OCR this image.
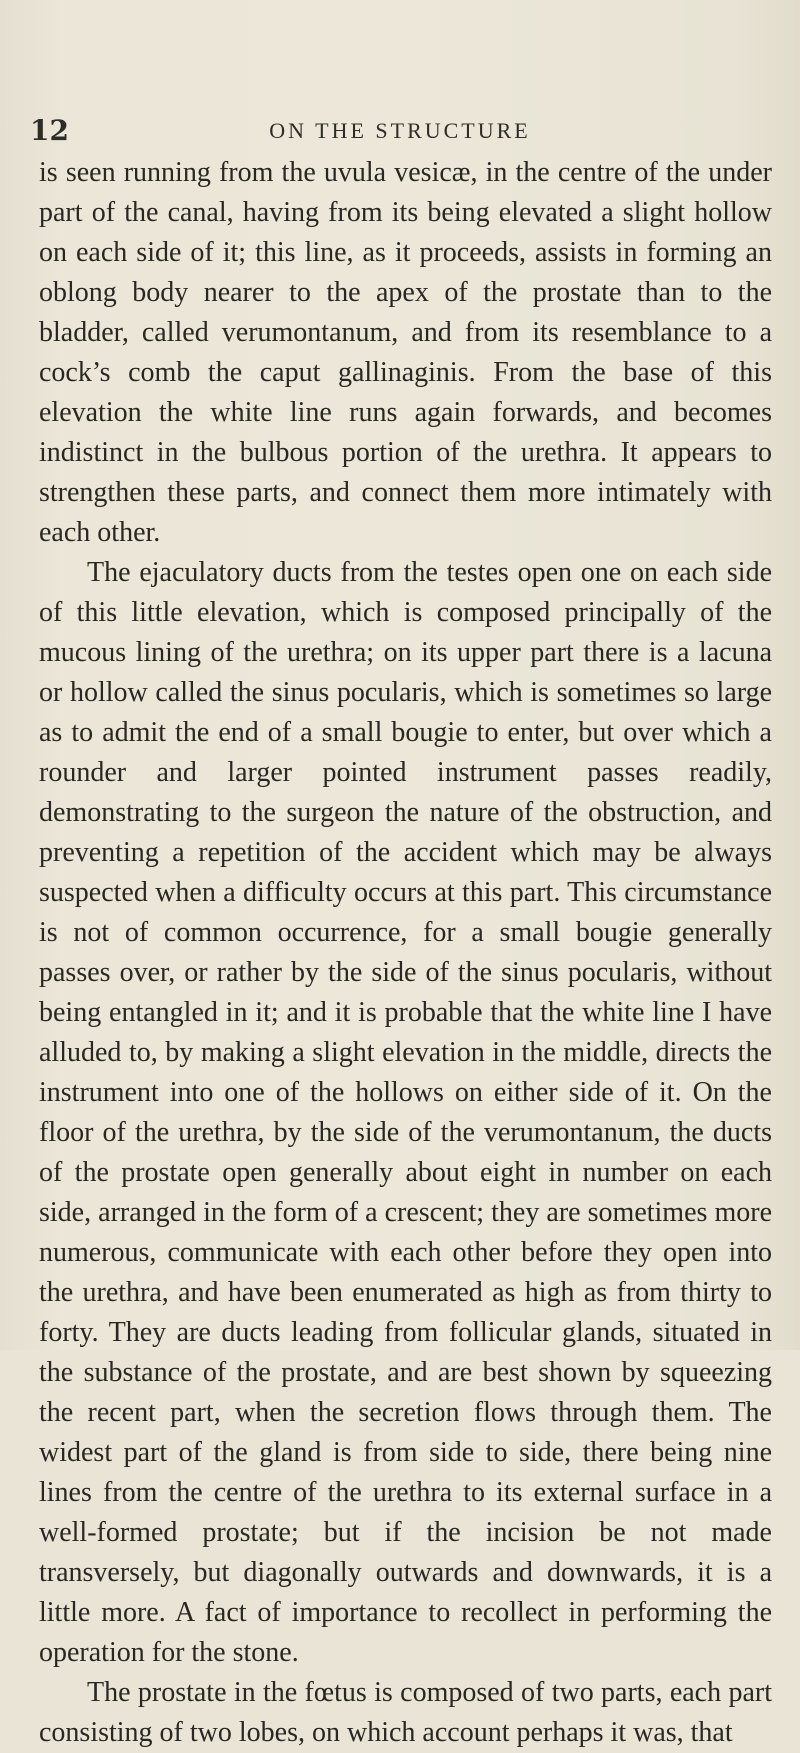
12	ON THE STRUCTURE

is seen running from the uvula vesicæ, in the centre of the under part of the canal, having from its being elevated a slight hollow on each side of it; this line, as it proceeds, assists in forming an oblong body nearer to the apex of the prostate than to the bladder, called verumontanum, and from its resemblance to a cock’s comb the caput gallinaginis. From the base of this elevation the white line runs again forwards, and becomes indistinct in the bulbous portion of the urethra. It appears to strengthen these parts, and connect them more intimately with each other.

The ejaculatory ducts from the testes open one on each side of this little elevation, which is composed principally of the mucous lining of the urethra; on its upper part there is a lacuna or hollow called the sinus pocularis, which is sometimes so large as to admit the end of a small bougie to enter, but over which a rounder and larger pointed instrument passes readily, demonstrating to the surgeon the nature of the obstruction, and preventing a repetition of the accident which may be always suspected when a difficulty occurs at this part. This circumstance is not of common occurrence, for a small bougie generally passes over, or rather by the side of the sinus pocularis, without being entangled in it; and it is probable that the white line I have alluded to, by making a slight elevation in the middle, directs the instrument into one of the hollows on either side of it. On the floor of the urethra, by the side of the verumontanum, the ducts of the prostate open generally about eight in number on each side, arranged in the form of a crescent; they are sometimes more numerous, communicate with each other before they open into the urethra, and have been enumerated as high as from thirty to forty. They are ducts leading from follicular glands, situated in the substance of the prostate, and are best shown by squeezing the recent part, when the secretion flows through them. The widest part of the gland is from side to side, there being nine lines from the centre of the urethra to its external surface in a well-formed prostate; but if the incision be not made transversely, but diagonally outwards and downwards, it is a little more. A fact of importance to recollect in performing the operation for the stone.

The prostate in the fœtus is composed of two parts, each part consisting of two lobes, on which account perhaps it was, that
